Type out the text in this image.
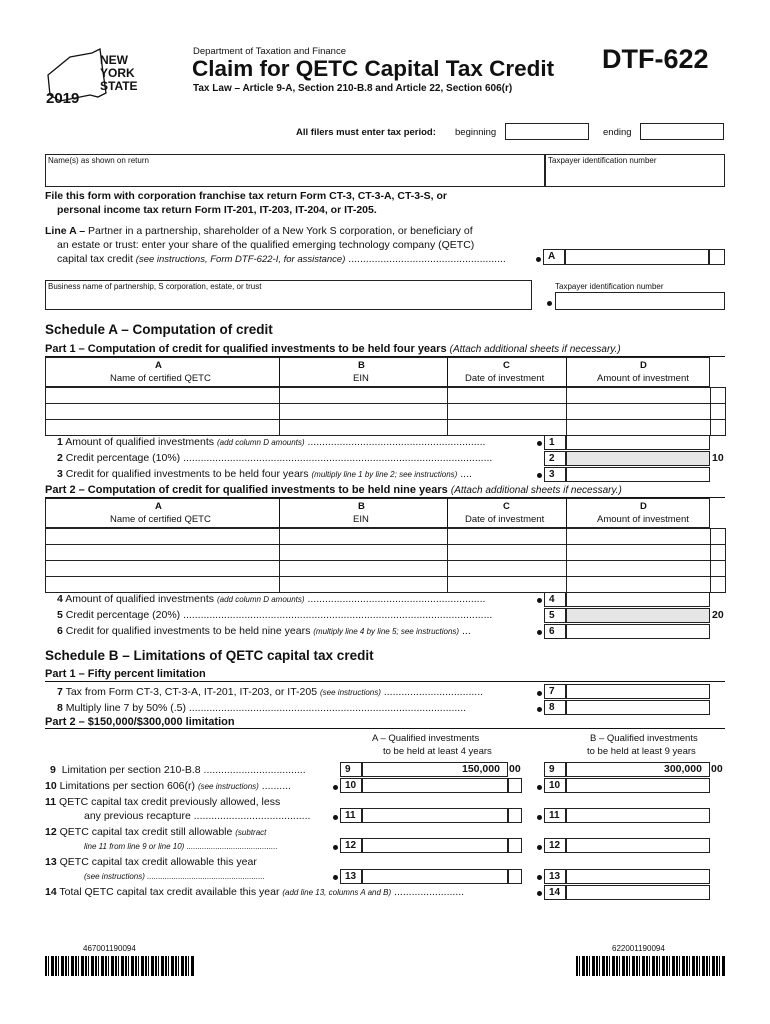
NEW
YORK
STATE
2019
Department of Taxation and Finance
Claim for QETC Capital Tax Credit
Tax Law – Article 9-A, Section 210-B.8 and Article 22, Section 606(r)
DTF-622
All filers must enter tax period: beginning	ending
Name(s) as shown on return	Taxpayer identification number
File this form with corporation franchise tax return Form CT-3, CT-3-A, CT-3-S, or
personal income tax return Form IT-201, IT-203, IT-204, or IT-205.
Line A – Partner in a partnership, shareholder of a New York S corporation, or beneficiary of
an estate or trust: enter your share of the qualified emerging technology company (QETC)
capital tax credit (see instructions, Form DTF-622-I, for assistance) ......................................................	A
Business name of partnership, S corporation, estate, or trust	Taxpayer identification number
Schedule A – Computation of credit
Part 1 – Computation of credit for qualified investments to be held four years (Attach additional sheets if necessary.)
A	B	C	D
Name of certified QETC	EIN	Date of investment	Amount of investment

1 Amount of qualified investments (add column D amounts) .............................................................	1
2 Credit percentage (10%) ..........................................................................................................	2	10
3 Credit for qualified investments to be held four years (multiply line 1 by line 2; see instructions) ....	3
Part 2 – Computation of credit for qualified investments to be held nine years (Attach additional sheets if necessary.)
A	B	C	D
Name of certified QETC	EIN	Date of investment	Amount of investment

4 Amount of qualified investments (add column D amounts) .............................................................	4
5 Credit percentage (20%) ..........................................................................................................	5	20
6 Credit for qualified investments to be held nine years (multiply line 4 by line 5; see instructions) ...	6
Schedule B – Limitations of QETC capital tax credit
Part 1 – Fifty percent limitation
7 Tax from Form CT-3, CT-3-A, IT-201, IT-203, or IT-205 (see instructions) ..................................	7
8 Multiply line 7 by 50% (.5) ...............................................................................................	8
Part 2 – $150,000/$300,000 limitation
A – Qualified investments
to be held at least 4 years
B – Qualified investments
to be held at least 9 years
9 Limitation per section 210-B.8 ...................................	9	150,000 00	9	300,000 00
10 Limitations per section 606(r) (see instructions) ..........	10	10
11 QETC capital tax credit previously allowed, less
any previous recapture ........................................	11	11
12 QETC capital tax credit still allowable (subtract
line 11 from line 9 or line 10) .........................................	12	12
13 QETC capital tax credit allowable this year
(see instructions) .....................................................	13	13
14 Total QETC capital tax credit available this year (add line 13, columns A and B) ........................	14
467001190094	622001190094
